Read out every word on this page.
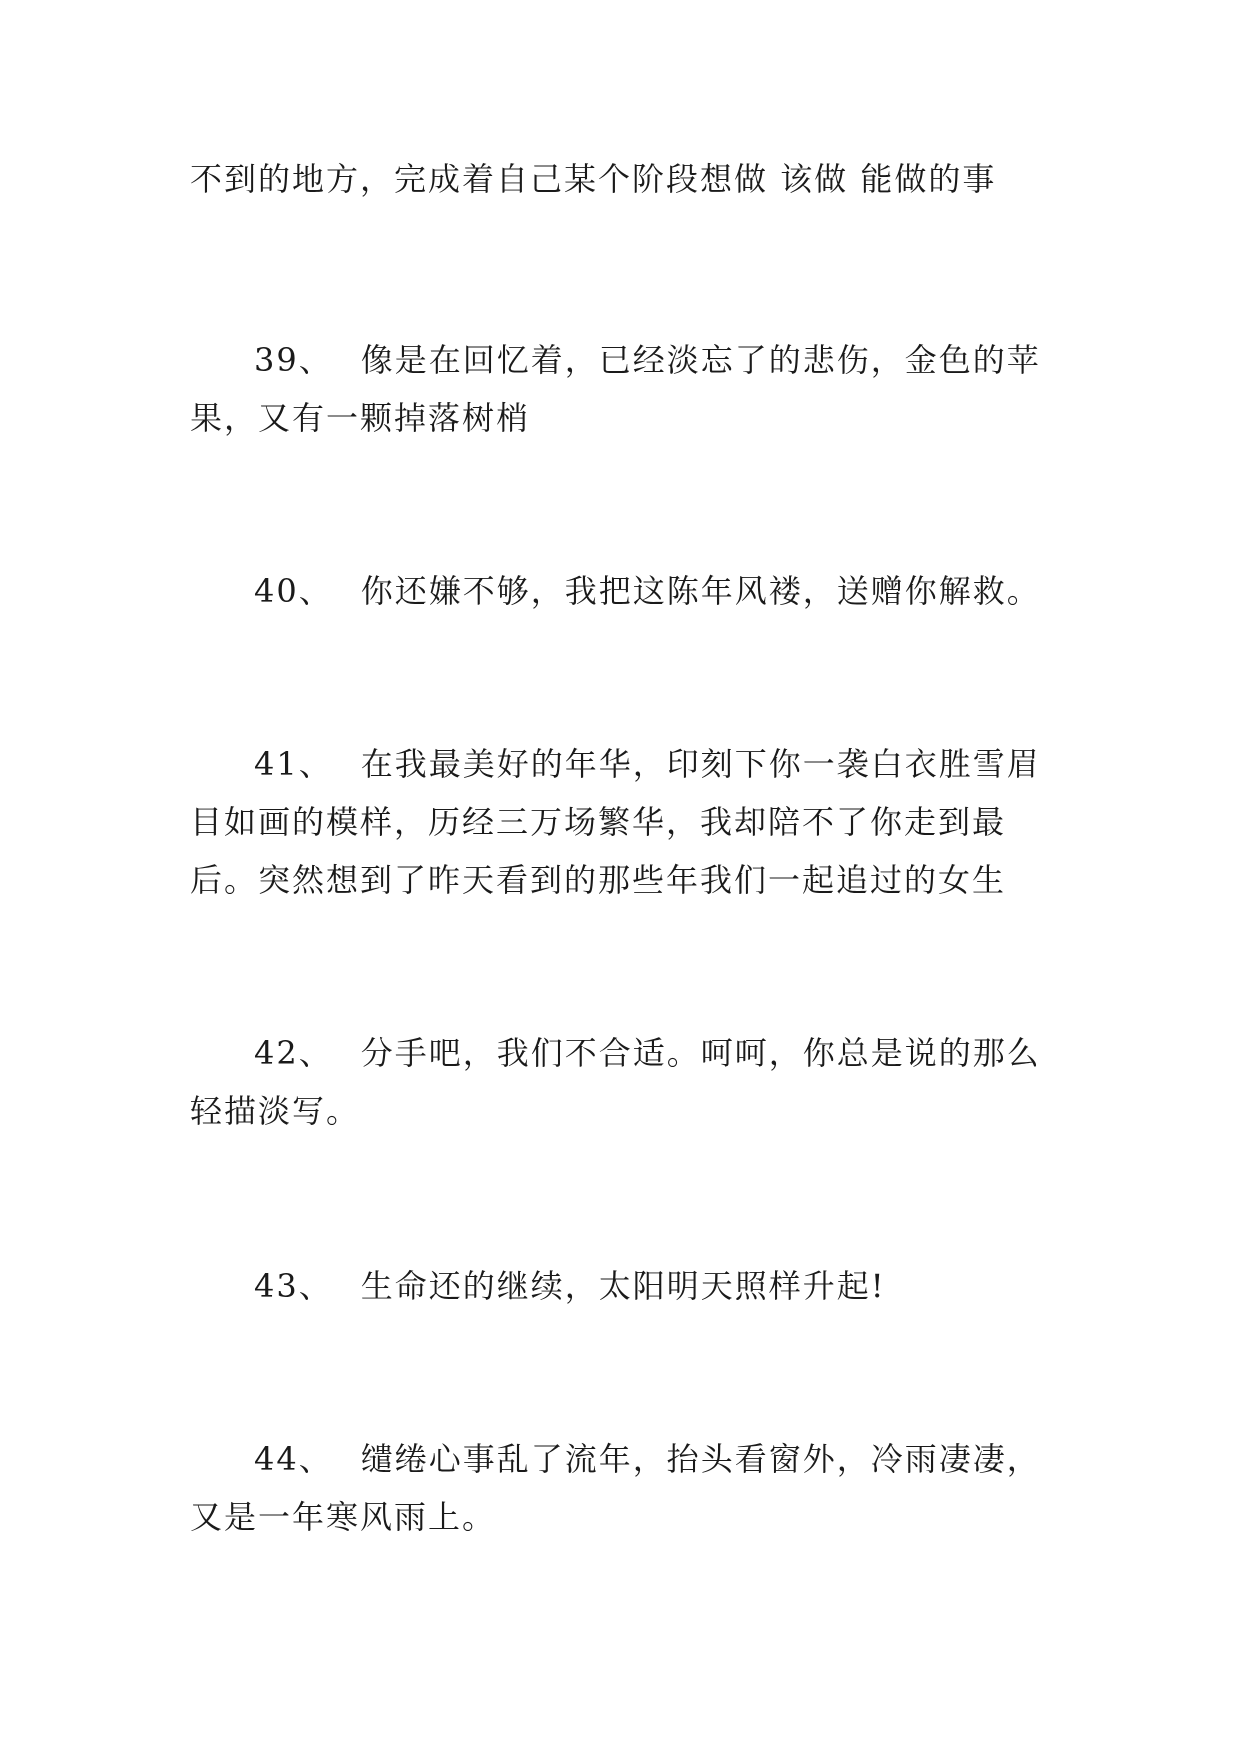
不到的地方，完成着自己某个阶段想做 该做 能做的事

39、 像是在回忆着，已经淡忘了的悲伤，金色的苹果，又有一颗掉落树梢

40、 你还嫌不够，我把这陈年风褛，送赠你解救。

41、 在我最美好的年华，印刻下你一袭白衣胜雪眉目如画的模样，历经三万场繁华，我却陪不了你走到最后。突然想到了昨天看到的那些年我们一起追过的女生

42、 分手吧，我们不合适。呵呵，你总是说的那么轻描淡写。

43、 生命还的继续，太阳明天照样升起!

44、 缱绻心事乱了流年，抬头看窗外，冷雨凄凄，又是一年寒风雨上。
